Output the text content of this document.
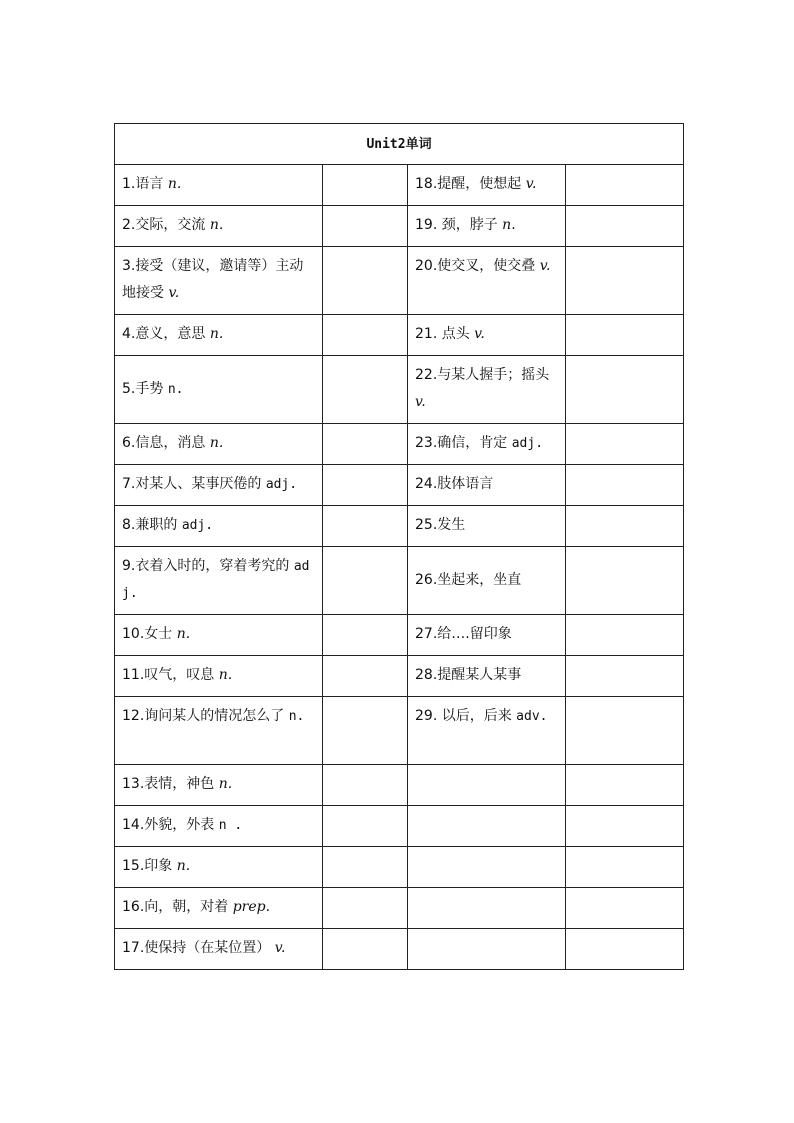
Unit2单词			
1.语言 n.		18.提醒，使想起 v.	
2.交际，交流 n.		19. 颈，脖子 n.	
3.接受（建议，邀请等）主动地接受 v.		20.使交叉，使交叠 v.	
4.意义，意思 n.		21. 点头 v.	
5.手势 n.		22.与某人握手；摇头 v.	
6.信息，消息 n.		23.确信，肯定 adj.	
7.对某人、某事厌倦的 adj.		24.肢体语言	
8.兼职的 adj.		25.发生	
9.衣着入时的，穿着考究的 adj.		26.坐起来，坐直	
10.女士 n.		27.给….留印象	
11.叹气，叹息 n.		28.提醒某人某事	
12.询问某人的情况怎么了 n.		29. 以后，后来 adv.	
13.表情，神色 n.			
14.外貌，外表 n .			
15.印象 n.			
16.向，朝，对着 prep.			
17.使保持（在某位置） v.			
